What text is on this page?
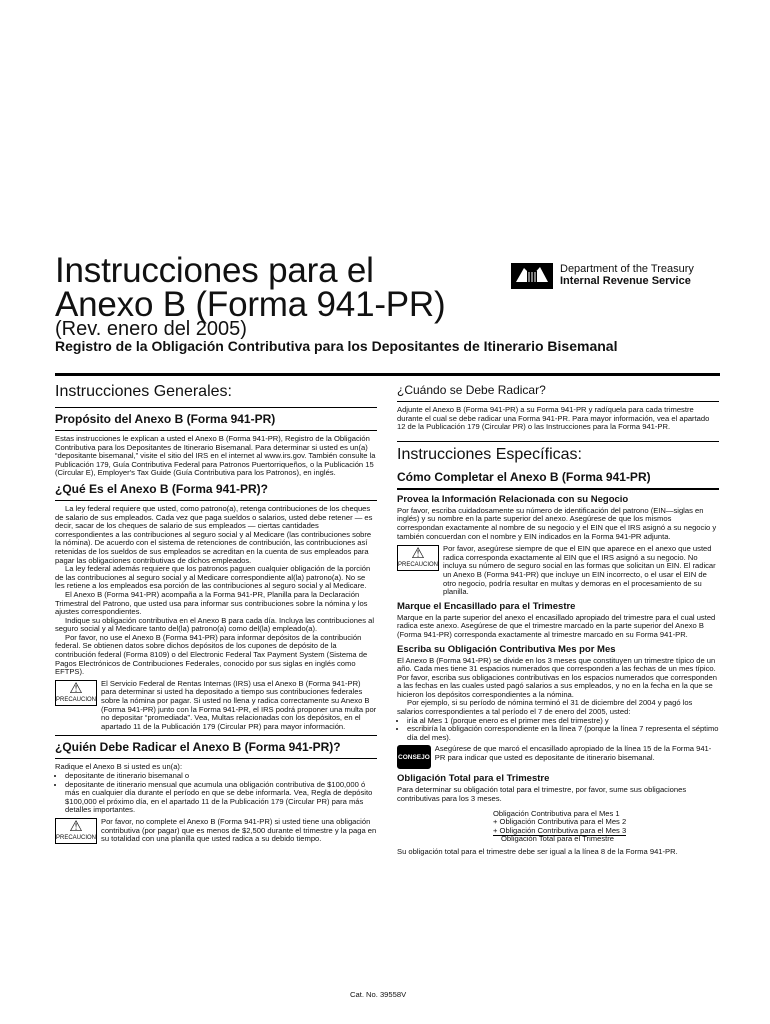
Instrucciones para el
Anexo B (Forma 941-PR)
(Rev. enero del 2005)
Registro de la Obligación Contributiva para los Depositantes de Itinerario Bisemanal
Department of the Treasury
Internal Revenue Service
Instrucciones Generales:
Propósito del Anexo B (Forma 941-PR)

Estas instrucciones le explican a usted el Anexo B (Forma 941-PR), Registro de la Obligación Contributiva para los Depositantes de Itinerario Bisemanal. Para determinar si usted es un(a) “depositante bisemanal,” visite el sitio del IRS en el internet al www.irs.gov. También consulte la Publicación 179, Guía Contributiva Federal para Patronos Puertorriqueños, o la Publicación 15 (Circular E), Employer's Tax Guide (Guía Contributiva para los Patronos), en inglés.

¿Qué Es el Anexo B (Forma 941-PR)?

La ley federal requiere que usted, como patrono(a), retenga contribuciones de los cheques de salario de sus empleados. Cada vez que paga sueldos o salarios, usted debe retener — es decir, sacar de los cheques de salario de sus empleados — ciertas cantidades correspondientes a las contribuciones al seguro social y al Medicare (las contribuciones sobre la nómina). De acuerdo con el sistema de retenciones de contribución, las contribuciones así retenidas de los sueldos de sus empleados se acreditan en la cuenta de sus empleados para pagar las obligaciones contributivas de dichos empleados.

La ley federal además requiere que los patronos paguen cualquier obligación de la porción de las contribuciones al seguro social y al Medicare correspondiente al(la) patrono(a). No se les retiene a los empleados esa porción de las contribuciones al seguro social y al Medicare.

El Anexo B (Forma 941-PR) acompaña a la Forma 941-PR, Planilla para la Declaración Trimestral del Patrono, que usted usa para informar sus contribuciones sobre la nómina y los ajustes correspondientes.

Indique su obligación contributiva en el Anexo B para cada día. Incluya las contribuciones al seguro social y al Medicare tanto del(la) patrono(a) como del(la) empleado(a).

Por favor, no use el Anexo B (Forma 941-PR) para informar depósitos de la contribución federal. Se obtienen datos sobre dichos depósitos de los cupones de depósito de la contribución federal (Forma 8109) o del Electronic Federal Tax Payment System (Sistema de Pagos Electrónicos de Contribuciones Federales, conocido por sus siglas en inglés como EFTPS).

⚠
PRECAUCION
El Servicio Federal de Rentas Internas (IRS) usa el Anexo B (Forma 941-PR) para determinar si usted ha depositado a tiempo sus contribuciones federales sobre la nómina por pagar. Si usted no llena y radica correctamente su Anexo B (Forma 941-PR) junto con la Forma 941-PR, el IRS podrá proponer una multa por no depositar “promediada”. Vea, Multas relacionadas con los depósitos, en el apartado 11 de la Publicación 179 (Circular PR) para mayor información.
¿Quién Debe Radicar el Anexo B (Forma 941-PR)?

Radique el Anexo B si usted es un(a):

• depositante de itinerario bisemanal o
• depositante de itinerario mensual que acumula una obligación contributiva de $100,000 ó más en cualquier día durante el período en que se debe informarla. Vea, Regla de depósito $100,000 el próximo día, en el apartado 11 de la Publicación 179 (Circular PR) para más detalles importantes.
⚠
PRECAUCION
Por favor, no complete el Anexo B (Forma 941-PR) si usted tiene una obligación contributiva (por pagar) que es menos de $2,500 durante el trimestre y la paga en su totalidad con una planilla que usted radica a su debido tiempo.
¿Cuándo se Debe Radicar?

Adjunte el Anexo B (Forma 941-PR) a su Forma 941-PR y radíquela para cada trimestre durante el cual se debe radicar una Forma 941-PR. Para mayor información, vea el apartado 12 de la Publicación 179 (Circular PR) o las Instrucciones para la Forma 941-PR.

Instrucciones Específicas:
Cómo Completar el Anexo B (Forma 941-PR)
Provea la Información Relacionada con su Negocio

Por favor, escriba cuidadosamente su número de identificación del patrono (EIN—siglas en inglés) y su nombre en la parte superior del anexo. Asegúrese de que los mismos correspondan exactamente al nombre de su negocio y el EIN que el IRS asignó a su negocio y también concuerdan con el nombre y EIN indicados en la Forma 941-PR adjunta.

⚠
PRECAUCION
Por favor, asegúrese siempre de que el EIN que aparece en el anexo que usted radica corresponda exactamente al EIN que el IRS asignó a su negocio. No incluya su número de seguro social en las formas que solicitan un EIN. El radicar un Anexo B (Forma 941-PR) que incluye un EIN incorrecto, o el usar el EIN de otro negocio, podría resultar en multas y demoras en el procesamiento de su planilla.
Marque el Encasillado para el Trimestre

Marque en la parte superior del anexo el encasillado apropiado del trimestre para el cual usted radica este anexo. Asegúrese de que el trimestre marcado en la parte superior del Anexo B (Forma 941-PR) corresponda exactamente al trimestre marcado en su Forma 941-PR.

Escriba su Obligación Contributiva Mes por Mes

El Anexo B (Forma 941-PR) se divide en los 3 meses que constituyen un trimestre típico de un año. Cada mes tiene 31 espacios numerados que corresponden a las fechas de un mes típico. Por favor, escriba sus obligaciones contributivas en los espacios numerados que corresponden a las fechas en las cuales usted pagó salarios a sus empleados, y no en la fecha en la que se hicieron los depósitos correspondientes a la nómina.

Por ejemplo, si su período de nómina terminó el 31 de diciembre del 2004 y pagó los salarios correspondientes a tal período el 7 de enero del 2005, usted:

• iría al Mes 1 (porque enero es el primer mes del trimestre) y
• escribiría la obligación correspondiente en la línea 7 (porque la línea 7 representa el séptimo día del mes).
CONSEJO
Asegúrese de que marcó el encasillado apropiado de la línea 15 de la Forma 941-PR para indicar que usted es depositante de itinerario bisemanal.
Obligación Total para el Trimestre

Para determinar su obligación total para el trimestre, por favor, sume sus obligaciones contributivas para los 3 meses.

Obligación Contributiva para el Mes 1
+ Obligación Contributiva para el Mes 2
+ Obligación Contributiva para el Mes 3
Obligación Total para el Trimestre

Su obligación total para el trimestre debe ser igual a la línea 8 de la Forma 941-PR.

Cat. No. 39558V
